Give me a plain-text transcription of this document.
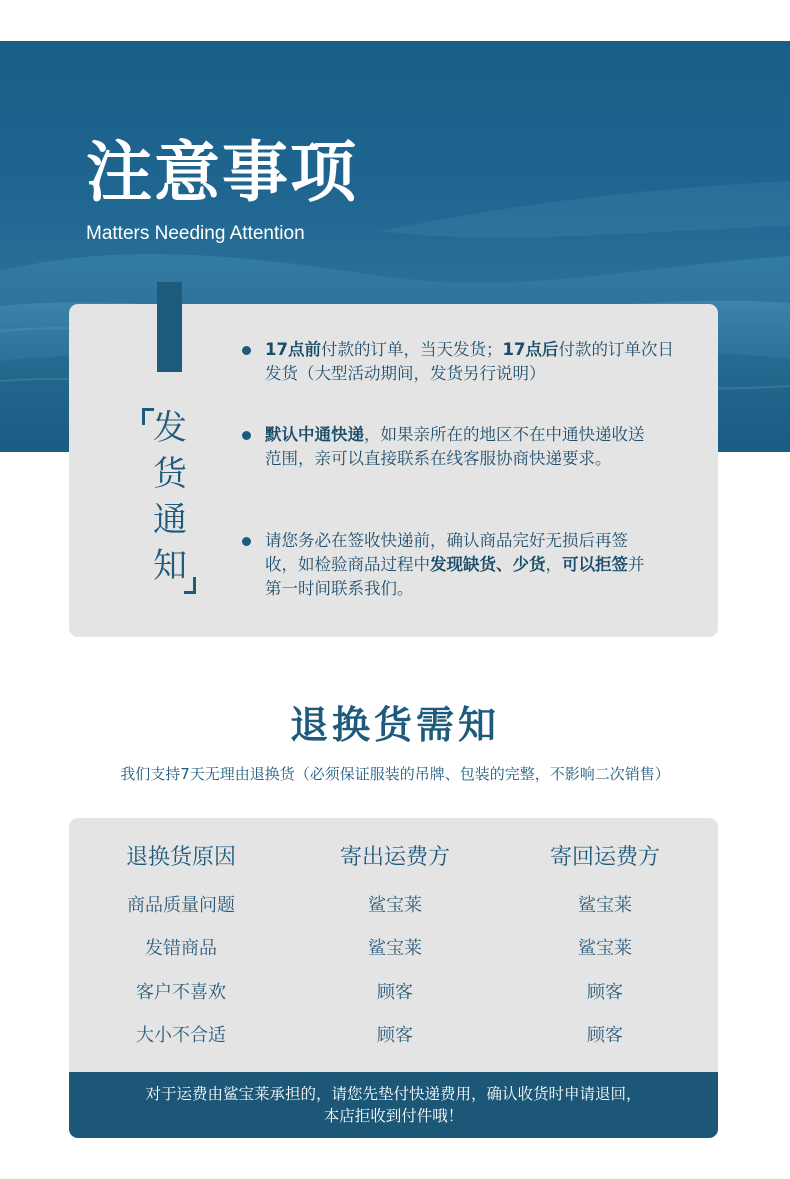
注意事项
Matters Needing Attention
发
货
通
知
17点前付款的订单，当天发货；17点后付款的订单次日发货（大型活动期间，发货另行说明）
默认中通快递，如果亲所在的地区不在中通快递收送范围，亲可以直接联系在线客服协商快递要求。
请您务必在签收快递前，确认商品完好无损后再签收，如检验商品过程中发现缺货、少货，可以拒签并第一时间联系我们。
退换货需知
我们支持7天无理由退换货（必须保证服装的吊牌、包装的完整，不影响二次销售）
退换货原因	寄出运费方	寄回运费方
商品质量问题	鲨宝莱	鲨宝莱
发错商品	鲨宝莱	鲨宝莱
客户不喜欢	顾客	顾客
大小不合适	顾客	顾客
对于运费由鲨宝莱承担的，请您先垫付快递费用，确认收货时申请退回，
本店拒收到付件哦！
